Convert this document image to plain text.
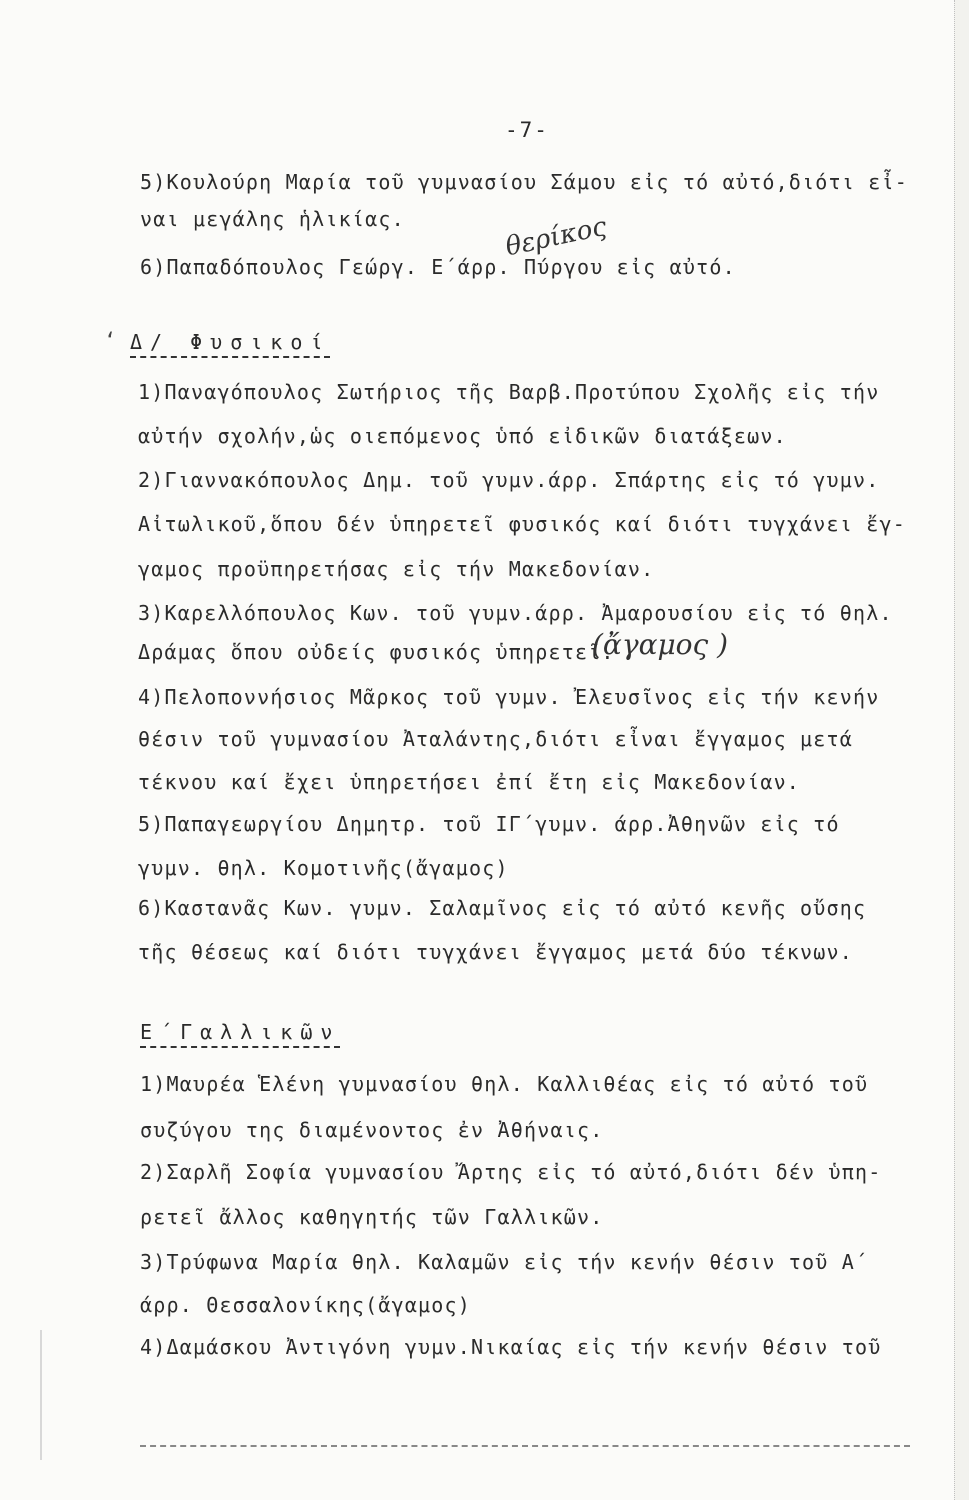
-7-
5)Κουλούρη Μαρία τοῦ γυμνασίου Σάμου εἰς τό αὐτό,διότι εἶ-
ναι μεγάλης ἡλικίας.
6)Παπαδόπουλος Γεώργ. Ε΄άρρ. Πύργου εἰς αὐτό.
θερίκος
‘ Δ/ Φυσικοί
1)Παναγόπουλος Σωτήριος τῆς Βαρβ.Προτύπου Σχολῆς εἰς τήν
αὐτήν σχολήν,ὡς οιεπόμενος ὑπό εἰδικῶν διατάξεων.
2)Γιαννακόπουλος Δημ. τοῦ γυμν.άρρ. Σπάρτης εἰς τό γυμν.
Αἰτωλικοῦ,ὅπου δέν ὑπηρετεῖ φυσικός καί διότι τυγχάνει ἔγ-
γαμος προϋπηρετήσας εἰς τήν Μακεδονίαν.
3)Καρελλόπουλος Κων. τοῦ γυμν.άρρ. Ἀμαρουσίου εἰς τό θηλ.
Δράμας ὅπου οὐδείς φυσικός ὑπηρετεῖ.
(ἄγαμος )
4)Πελοποννήσιος Μᾶρκος τοῦ γυμν. Ἐλευσῖνος εἰς τήν κενήν
θέσιν τοῦ γυμνασίου Ἀταλάντης,διότι εἶναι ἔγγαμος μετά
τέκνου καί ἔχει ὑπηρετήσει ἐπί ἔτη εἰς Μακεδονίαν.
5)Παπαγεωργίου Δημητρ. τοῦ ΙΓ΄γυμν. άρρ.Ἀθηνῶν εἰς τό
γυμν. θηλ. Κομοτινῆς(ἄγαμος)
6)Καστανᾶς Κων. γυμν. Σαλαμῖνος εἰς τό αὐτό κενῆς οὔσης
τῆς θέσεως καί διότι τυγχάνει ἔγγαμος μετά δύο τέκνων.
Ε΄Γαλλικῶν
1)Μαυρέα Ἑλένη γυμνασίου θηλ. Καλλιθέας εἰς τό αὐτό τοῦ
συζύγου της διαμένοντος ἐν Ἀθήναις.
2)Σαρλῆ Σοφία γυμνασίου Ἄρτης εἰς τό αὐτό,διότι δέν ὑπη-
ρετεῖ ἄλλος καθηγητής τῶν Γαλλικῶν.
3)Τρύφωνα Μαρία θηλ. Καλαμῶν εἰς τήν κενήν θέσιν τοῦ Α΄
άρρ. Θεσσαλονίκης(ἄγαμος)
4)Δαμάσκου Ἀντιγόνη γυμν.Νικαίας εἰς τήν κενήν θέσιν τοῦ
